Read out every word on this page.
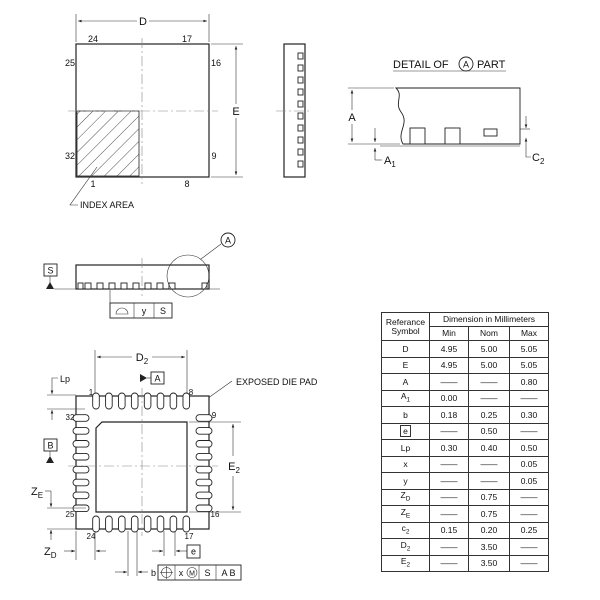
D
E
24	17
25	16
32	9
1	8
INDEX AREA
DETAIL OF A PART
A
$A_1$
$C_2$
S
A
y S
$D_2$
A	EXPOSED DIE PAD
$E_2$
B
Lp
$Z_E$
$Z_D$	e
b	x M S A B
1	8
32	9
25	16
24	17
Referance Symbol	Dimension in Millimeters		
	Min	Nom	Max
D	4.95	5.00	5.05
E	4.95	5.00	5.05
A	——	——	0.80
$A_1$	0.00	——	——
b	0.18	0.25	0.30
e	——	0.50	——
Lp	0.30	0.40	0.50
x	——	——	0.05
y	——	——	0.05
$Z_D$	——	0.75	——
$Z_E$	——	0.75	——
$c_2$	0.15	0.20	0.25
$D_2$	——	3.50	——
$E_2$	——	3.50	——
